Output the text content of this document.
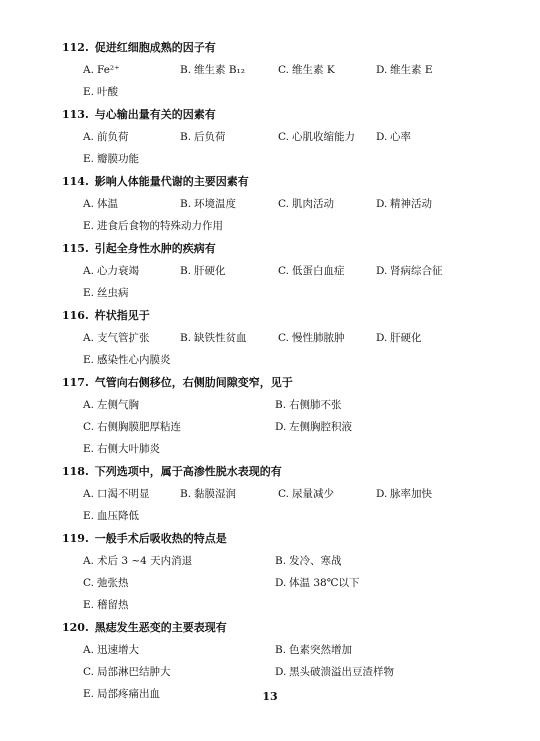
112. 促进红细胞成熟的因子有
A. Fe²⁺	B. 维生素 B₁₂	C. 维生素 K	D. 维生素 E
E. 叶酸
113. 与心输出量有关的因素有
A. 前负荷	B. 后负荷	C. 心肌收缩能力	D. 心率
E. 瓣膜功能
114. 影响人体能量代谢的主要因素有
A. 体温	B. 环境温度	C. 肌肉活动	D. 精神活动
E. 进食后食物的特殊动力作用
115. 引起全身性水肿的疾病有
A. 心力衰竭	B. 肝硬化	C. 低蛋白血症	D. 肾病综合征
E. 丝虫病
116. 杵状指见于
A. 支气管扩张	B. 缺铁性贫血	C. 慢性肺脓肿	D. 肝硬化
E. 感染性心内膜炎
117. 气管向右侧移位，右侧肋间隙变窄，见于
A. 左侧气胸	B. 右侧肺不张
C. 右侧胸膜肥厚粘连	D. 左侧胸腔积液
E. 右侧大叶肺炎
118. 下列选项中，属于高渗性脱水表现的有
A. 口渴不明显	B. 黏膜湿润	C. 尿量减少	D. 脉率加快
E. 血压降低
119. 一般手术后吸收热的特点是
A. 术后 3 ~4 天内消退	B. 发冷、寒战
C. 弛张热	D. 体温 38℃以下
E. 稽留热
120. 黑痣发生恶变的主要表现有
A. 迅速增大	B. 色素突然增加
C. 局部淋巴结肿大	D. 黑头破溃溢出豆渣样物
E. 局部疼痛出血	13
